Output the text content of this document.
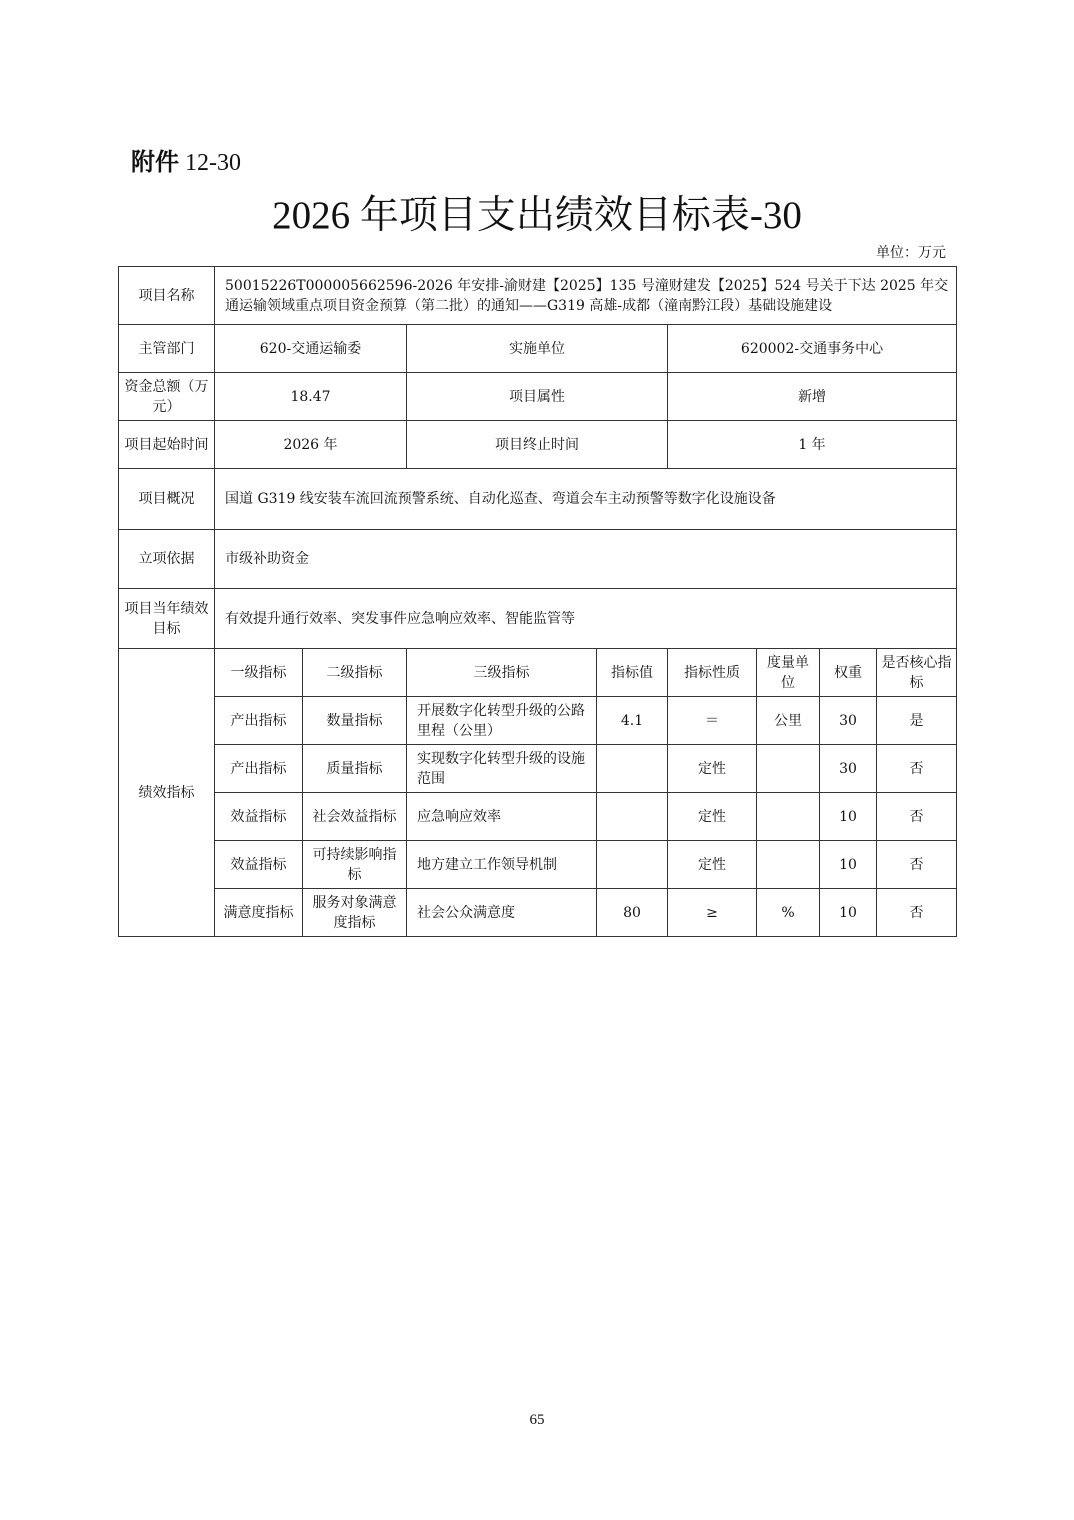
附件 12-30
2026 年项目支出绩效目标表-30
单位：万元
项目名称	50015226T000005662596-2026 年安排-渝财建【2025】135 号潼财建发【2025】524 号关于下达 2025 年交通运输领域重点项目资金预算（第二批）的通知——G319 高雄-成都（潼南黔江段）基础设施建设							
主管部门	620-交通运输委		实施单位		620002-交通事务中心			
资金总额（万元）	18.47		项目属性		新增			
项目起始时间	2026 年		项目终止时间		1 年			
项目概况	国道 G319 线安装车流回流预警系统、自动化巡查、弯道会车主动预警等数字化设施设备							
立项依据	市级补助资金							
项目当年绩效目标	有效提升通行效率、突发事件应急响应效率、智能监管等							
绩效指标	一级指标	二级指标	三级指标	指标值	指标性质	度量单位	权重	是否核心指标
	产出指标	数量指标	开展数字化转型升级的公路里程（公里）	4.1	＝	公里	30	是
	产出指标	质量指标	实现数字化转型升级的设施范围		定性		30	否
	效益指标	社会效益指标	应急响应效率		定性		10	否
	效益指标	可持续影响指标	地方建立工作领导机制		定性		10	否
	满意度指标	服务对象满意度指标	社会公众满意度	80	≥	%	10	否
65
